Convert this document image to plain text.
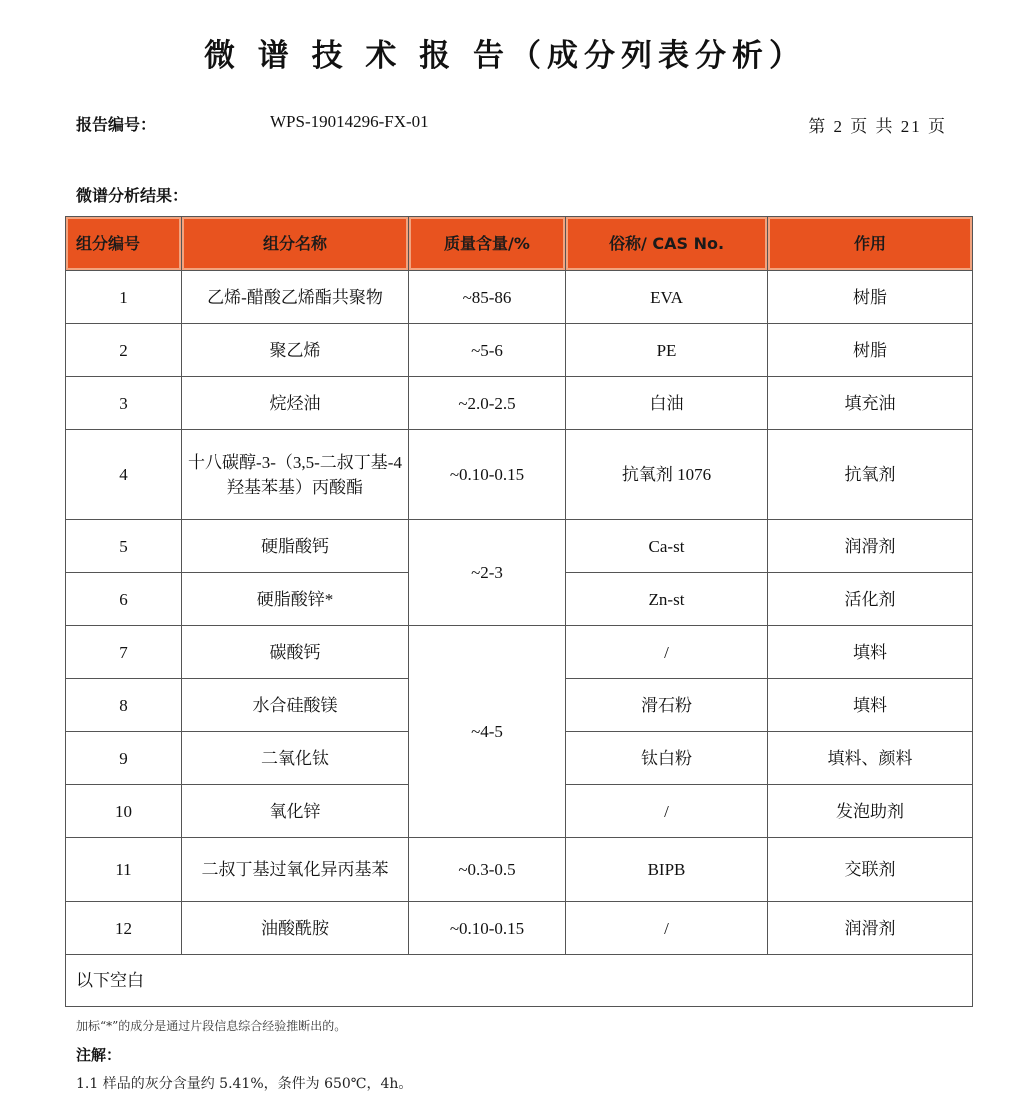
微 谱 技 术 报 告（成分列表分析）
报告编号：	WPS-19014296-FX-01	第 2 页 共 21 页
微谱分析结果：
组分编号	组分名称	质量含量/%	俗称/ CAS No.	作用
1	乙烯-醋酸乙烯酯共聚物	~85-86	EVA	树脂
2	聚乙烯	~5-6	PE	树脂
3	烷烃油	~2.0-2.5	白油	填充油
4	十八碳醇-3-（3,5-二叔丁基-4 羟基苯基）丙酸酯	~0.10-0.15	抗氧剂 1076	抗氧剂
5	硬脂酸钙	~2-3	Ca-st	润滑剂
6	硬脂酸锌*		Zn-st	活化剂
7	碳酸钙	~4-5	/	填料
8	水合硅酸镁		滑石粉	填料
9	二氧化钛		钛白粉	填料、颜料
10	氧化锌		/	发泡助剂
11	二叔丁基过氧化异丙基苯	~0.3-0.5	BIPB	交联剂
12	油酸酰胺	~0.10-0.15	/	润滑剂
以下空白				
加标“*”的成分是通过片段信息综合经验推断出的。
注解：
1.1 样品的灰分含量约 5.41%，条件为 650℃，4h。
